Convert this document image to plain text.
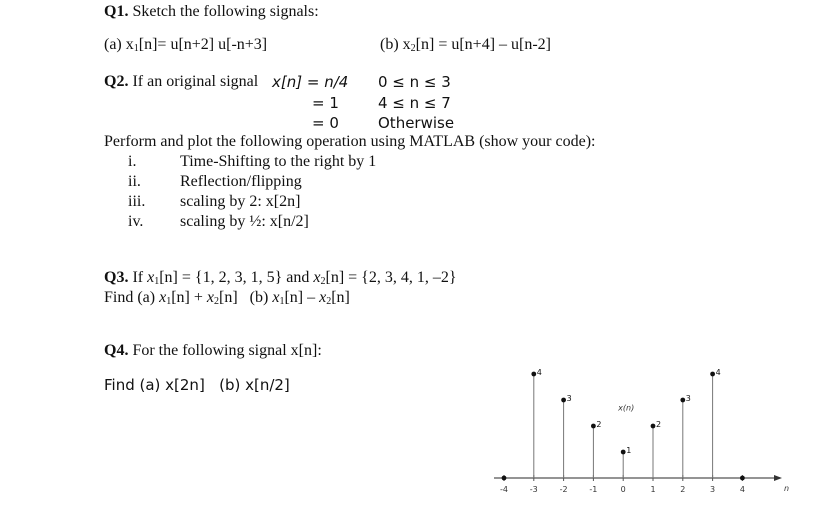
Q1. Sketch the following signals:
(a) $x_1[n]= u[n+2]$ u[-n+3]	(b) $x_2[n] = u[n+4] - u[n-2]$
Q2. If an original signal x[n] = n/4 0 ≤ n ≤ 3
= 1	4 ≤ n ≤ 7
= 0	Otherwise
Perform and plot the following operation using MATLAB (show your code):
i.	Time-Shifting to the right by 1
ii. Reflection/flipping
iii. scaling by 2: x[2n]
iv. scaling by ½: x[n/2]
Q3. If $x_1[n] = \{1$, 2, 3, 1, 5} and $x_2[n] = \{2$, 3, 4, 1, –2}
Find (a) $x_1[n] + x_2[n]$   (b) $x_1[n] - x_2[n]$
Q4. For the following signal x[n]:
Find (a) x[2n]   (b) x[n/2]
-4	-3	-2	-1	0	1	2	3	4
4
3
2
1
2
3
4
x(n)
n
